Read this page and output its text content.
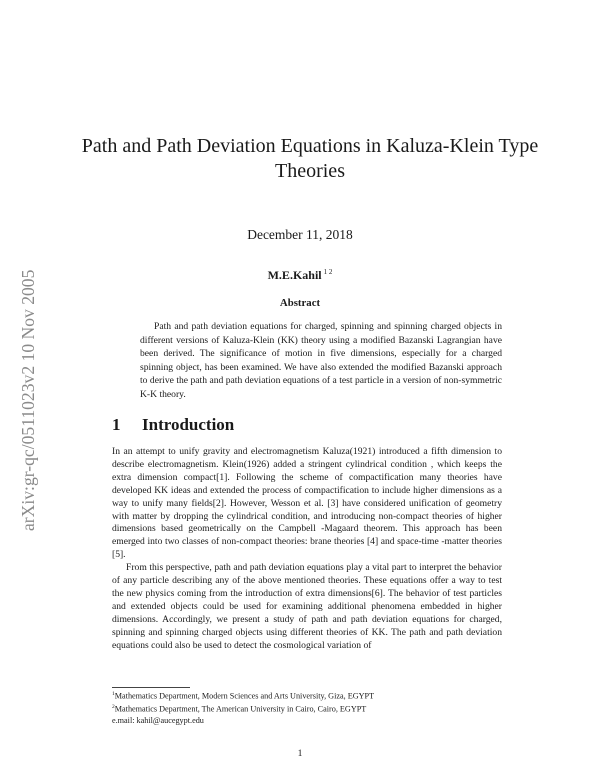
arXiv:gr-qc/0511023v2 10 Nov 2005
Path and Path Deviation Equations in Kaluza-Klein Type Theories
December 11, 2018
M.E.Kahil $^{1 2}$
Abstract

Path and path deviation equations for charged, spinning and spinning charged objects in different versions of Kaluza-Klein (KK) theory using a modified Bazanski Lagrangian have been derived. The significance of motion in five dimensions, especially for a charged spinning object, has been examined. We have also extended the modified Bazanski approach to derive the path and path deviation equations of a test particle in a version of non-symmetric K-K theory.

1 Introduction

In an attempt to unify gravity and electromagnetism Kaluza(1921) introduced a fifth dimension to describe electromagnetism. Klein(1926) added a stringent cylindrical condition , which keeps the extra dimension compact[1]. Following the scheme of compactification many theories have developed KK ideas and extended the process of compactification to include higher dimensions as a way to unify many fields[2]. However, Wesson et al. [3] have considered unification of geometry with matter by dropping the cylindrical condition, and introducing non-compact theories of higher dimensions based geometrically on the Campbell -Magaard theorem. This approach has been emerged into two classes of non-compact theories: brane theories [4] and space-time -matter theories [5].

From this perspective, path and path deviation equations play a vital part to interpret the behavior of any particle describing any of the above mentioned theories. These equations offer a way to test the new physics coming from the introduction of extra dimensions[6]. The behavior of test particles and extended objects could be used for examining additional phenomena embedded in higher dimensions. Accordingly, we present a study of path and path deviation equations for charged, spinning and spinning charged objects using different theories of KK. The path and path deviation equations could also be used to detect the cosmological variation of

$^1$Mathematics Department, Modern Sciences and Arts University, Giza, EGYPT
$^2$Mathematics Department, The American University in Cairo, Cairo, EGYPT
e.mail: kahil@aucegypt.edu
1
